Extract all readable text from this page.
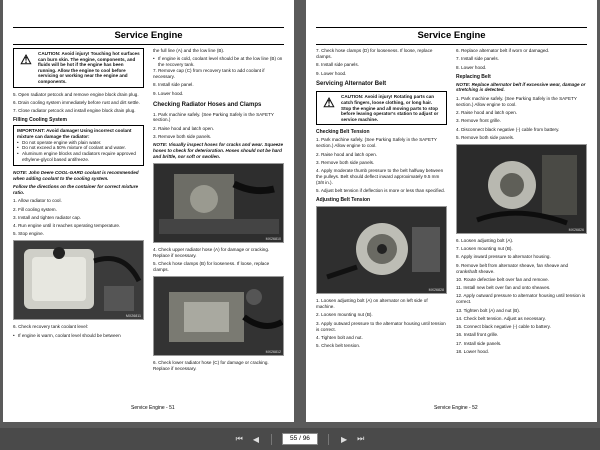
Service Engine
⚠	CAUTION: Avoid injury! Touching hot surfaces can burn skin. The engine, components, and fluids will be hot if the engine has been running. Allow the engine to cool before servicing or working near the engine and components.

5. Open radiator petcock and remove engine block drain plug.

6. Drain cooling system immediately before rust and dirt settle.

7. Close radiator petcock and install engine block drain plug.

Filling Cooling System
IMPORTANT: Avoid damage! Using incorrect coolant mixture can damage the radiator:
• Do not operate engine with plain water.
• Do not exceed a 50% mixture of coolant and water.
• Aluminum engine blocks and radiators require approved ethylene-glycol based antifreeze.

NOTE: John Deere COOL-GARD coolant is recommended when adding coolant to the cooling system.

Follow the directions on the container for correct mixture ratio.

1. Allow radiator to cool.

2. Fill cooling system.

3. Install and tighten radiator cap.

4. Run engine until it reaches operating temperature.

5. Stop engine.

MX26811

6. Check recovery tank coolant level:

• If engine is warm, coolant level should be between

the full line (A) and the low line (B).

• If engine is cold, coolant level should be at the low line (B) on the recovery tank.

7. Remove cap (C) from recovery tank to add coolant if necessary.

8. Install side panel.

9. Lower hood.

Checking Radiator Hoses and Clamps

1. Park machine safely. (See Parking Safely in the SAFETY section.)

2. Raise hood and latch open.

3. Remove both side panels.

NOTE: Visually inspect hoses for cracks and wear. Squeeze hoses to check for deterioration. Hoses should not be hard and brittle, nor soft or swollen.

MX26810

4. Check upper radiator hose (A) for damage or cracking. Replace if necessary.

5. Check hose clamps (B) for looseness. If loose, replace clamps.

MX26812

6. Check lower radiator hose (C) for damage or cracking. Replace if necessary.

Service Engine - 51
Service Engine

7. Check hose clamps (D) for looseness. If loose, replace clamps.

8. Install side panels.

9. Lower hood.

Servicing Alternator Belt
⚠	CAUTION: Avoid injury! Rotating parts can catch fingers, loose clothing, or long hair. Stop the engine and all moving parts to stop before leaving operator's station to adjust or service machine.
Checking Belt Tension

1. Park machine safely. (See Parking Safely in the SAFETY section.) Allow engine to cool.

2. Raise hood and latch open.

3. Remove both side panels.

4. Apply moderate thumb pressure to the belt halfway between the pulleys. Belt should deflect inward approximately 9.5 mm (3/8 in.).

5. Adjust belt tension if deflection is more or less than specified.

Adjusting Belt Tension
MX26828

1. Loosen adjusting bolt (A) on alternator on left side of machine.

2. Loosen mounting nut (B).

3. Apply outward pressure to the alternator housing until tension is correct.

4. Tighten bolt and nut.

5. Check belt tension.

6. Replace alternator belt if worn or damaged.

7. Install side panels.

8. Lower hood.

Replacing Belt

NOTE: Replace alternator belt if excessive wear, damage or stretching is detected.

1. Park machine safely. (See Parking Safely in the SAFETY section.) Allow engine to cool.

2. Raise hood and latch open.

3. Remove front grille.

4. Disconnect black negative (-) cable from battery.

5. Remove both side panels.

MX26826

6. Loosen adjusting bolt (A).

7. Loosen mounting nut (B).

8. Apply inward pressure to alternator housing.

9. Remove belt from alternator sheave, fan sheave and crankshaft sheave.

10. Route defective belt over fan and remove.

11. Install new belt over fan and onto sheaves.

12. Apply outward pressure to alternator housing until tension is correct.

13. Tighten bolt (A) and nut (B).

14. Check belt tension. Adjust as necessary.

15. Connect black negative (-) cable to battery.

16. Install front grille.

17. Install side panels.

18. Lower hood.

Service Engine - 52
⏮ ◀
55 / 96	▶ ⏭
